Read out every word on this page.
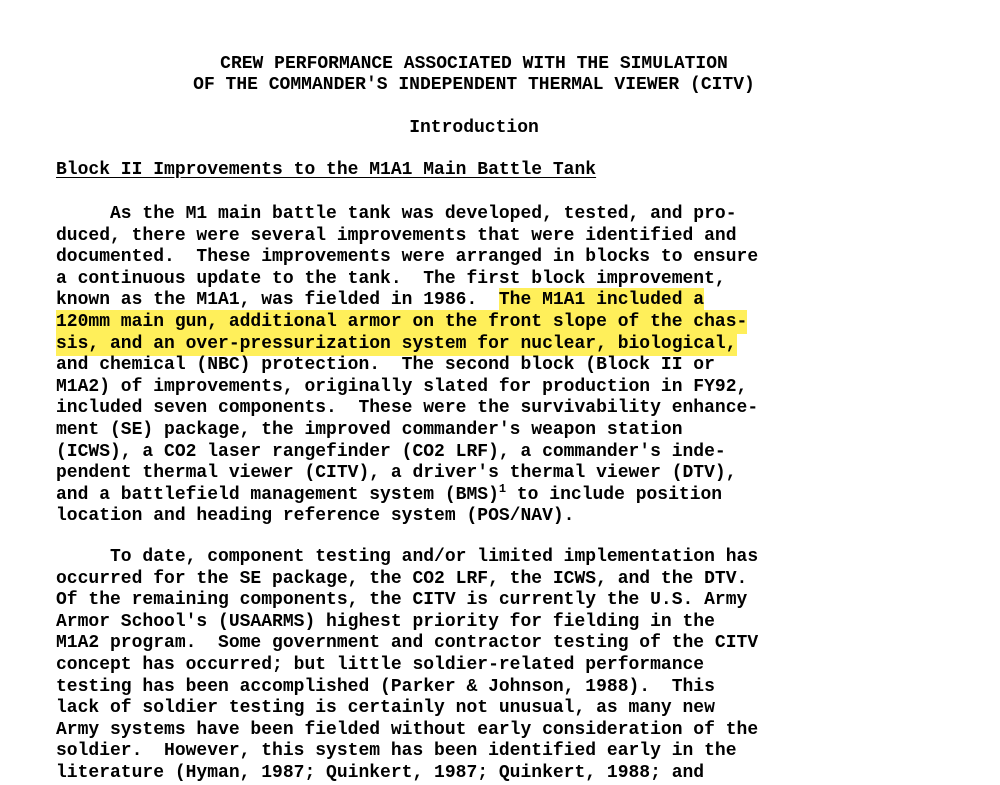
CREW PERFORMANCE ASSOCIATED WITH THE SIMULATION
OF THE COMMANDER'S INDEPENDENT THERMAL VIEWER (CITV)
Introduction
Block II Improvements to the M1A1 Main Battle Tank
As the M1 main battle tank was developed, tested, and pro-
duced, there were several improvements that were identified and
documented.  These improvements were arranged in blocks to ensure
a continuous update to the tank.  The first block improvement,
known as the M1A1, was fielded in 1986.  The M1A1 included a
120mm main gun, additional armor on the front slope of the chas-
sis, and an over-pressurization system for nuclear, biological,
and chemical (NBC) protection.  The second block (Block II or
M1A2) of improvements, originally slated for production in FY92,
included seven components.  These were the survivability enhance-
ment (SE) package, the improved commander's weapon station
(ICWS), a CO2 laser rangefinder (CO2 LRF), a commander's inde-
pendent thermal viewer (CITV), a driver's thermal viewer (DTV),
and a battlefield management system (BMS)$^1$ to include position
location and heading reference system (POS/NAV).
To date, component testing and/or limited implementation has
occurred for the SE package, the CO2 LRF, the ICWS, and the DTV.
Of the remaining components, the CITV is currently the U.S. Army
Armor School's (USAARMS) highest priority for fielding in the
M1A2 program.  Some government and contractor testing of the CITV
concept has occurred; but little soldier-related performance
testing has been accomplished (Parker & Johnson, 1988).  This
lack of soldier testing is certainly not unusual, as many new
Army systems have been fielded without early consideration of the
soldier.  However, this system has been identified early in the
literature (Hyman, 1987; Quinkert, 1987; Quinkert, 1988; and
